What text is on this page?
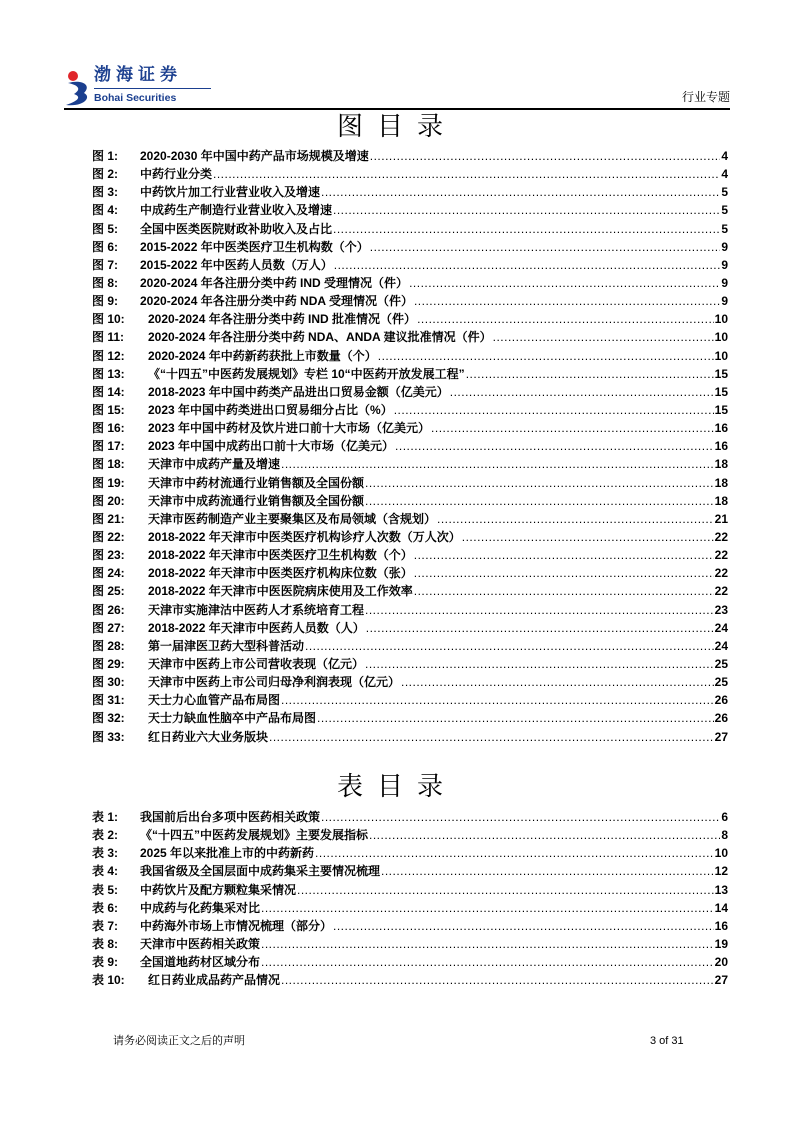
渤海证券
Bohai Securities	行业专题
图目录
图 1:	2020-2030 年中国中药产品市场规模及增速 .....	4
图 2:	中药行业分类 .....	4
图 3:	中药饮片加工行业营业收入及增速 .....	5
图 4:	中成药生产制造行业营业收入及增速 .....	5
图 5:	全国中医类医院财政补助收入及占比 .....	5
图 6:	2015-2022 年中医类医疗卫生机构数（个） .....	9
图 7:	2015-2022 年中医药人员数（万人） .....	9
图 8:	2020-2024 年各注册分类中药 IND 受理情况（件） .....	9
图 9:	2020-2024 年各注册分类中药 NDA 受理情况（件） .....	9
图 10:	2020-2024 年各注册分类中药 IND 批准情况（件） .....	10
图 11:	2020-2024 年各注册分类中药 NDA、ANDA 建议批准情况（件） .....	10
图 12:	2020-2024 年中药新药获批上市数量（个） .....	10
图 13:	《“十四五”中医药发展规划》专栏 10“中医药开放发展工程” .....	15
图 14:	2018-2023 年中国中药类产品进出口贸易金额（亿美元） .....	15
图 15:	2023 年中国中药类进出口贸易细分占比（%） .....	15
图 16:	2023 年中国中药材及饮片进口前十大市场（亿美元） .....	16
图 17:	2023 年中国中成药出口前十大市场（亿美元） .....	16
图 18:	天津市中成药产量及增速 .....	18
图 19:	天津市中药材流通行业销售额及全国份额 .....	18
图 20:	天津市中成药流通行业销售额及全国份额 .....	18
图 21:	天津市医药制造产业主要聚集区及布局领域（含规划） .....	21
图 22:	2018-2022 年天津市中医类医疗机构诊疗人次数（万人次） .....	22
图 23:	2018-2022 年天津市中医类医疗卫生机构数（个） .....	22
图 24:	2018-2022 年天津市中医类医疗机构床位数（张） .....	22
图 25:	2018-2022 年天津市中医医院病床使用及工作效率 .....	22
图 26:	天津市实施津沽中医药人才系统培育工程 .....	23
图 27:	2018-2022 年天津市中医药人员数（人） .....	24
图 28:	第一届津医卫药大型科普活动 .....	24
图 29:	天津市中医药上市公司营收表现（亿元） .....	25
图 30:	天津市中医药上市公司归母净利润表现（亿元） .....	25
图 31:	天士力心血管产品布局图 .....	26
图 32:	天士力缺血性脑卒中产品布局图 .....	26
图 33:	红日药业六大业务版块 .....	27
表目录
表 1:	我国前后出台多项中医药相关政策 .....	6
表 2:	《“十四五”中医药发展规划》主要发展指标 .....	8
表 3:	2025 年以来批准上市的中药新药 .....	10
表 4:	我国省级及全国层面中成药集采主要情况梳理 .....	12
表 5:	中药饮片及配方颗粒集采情况 .....	13
表 6:	中成药与化药集采对比 .....	14
表 7:	中药海外市场上市情况梳理（部分） .....	16
表 8:	天津市中医药相关政策 .....	19
表 9:	全国道地药材区域分布 .....	20
表 10:	红日药业成品药产品情况 .....	27
请务必阅读正文之后的声明	3 of 31
